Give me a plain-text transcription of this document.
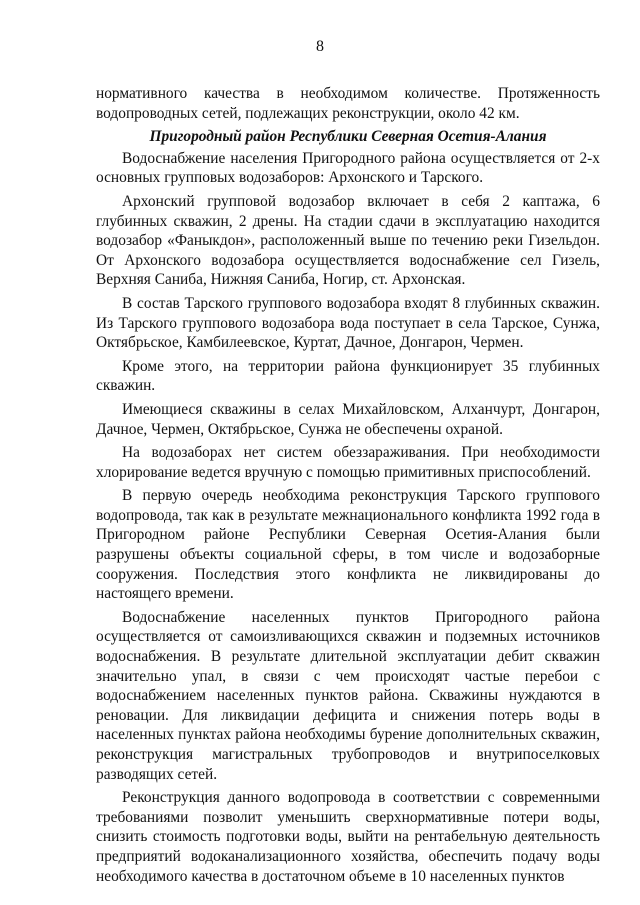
8

нормативного качества в необходимом количестве. Протяженность водопроводных сетей, подлежащих реконструкции, около 42 км.

Пригородный район Республики Северная Осетия-Алания

Водоснабжение населения Пригородного района осуществляется от 2-х основных групповых водозаборов: Архонского и Тарского.

Архонский групповой водозабор включает в себя 2 каптажа, 6 глубинных скважин, 2 дрены. На стадии сдачи в эксплуатацию находится водозабор «Фаныкдон», расположенный выше по течению реки Гизельдон. От Архонского водозабора осуществляется водоснабжение сел Гизель, Верхняя Саниба, Нижняя Саниба, Ногир, ст. Архонская.

В состав Тарского группового водозабора входят 8 глубинных скважин. Из Тарского группового водозабора вода поступает в села Тарское, Сунжа, Октябрьское, Камбилеевское, Куртат, Дачное, Донгарон, Чермен.

Кроме этого, на территории района функционирует 35 глубинных скважин.

Имеющиеся скважины в селах Михайловском, Алханчурт, Донгарон, Дачное, Чермен, Октябрьское, Сунжа не обеспечены охраной.

На водозаборах нет систем обеззараживания. При необходимости хлорирование ведется вручную с помощью примитивных приспособлений.

В первую очередь необходима реконструкция Тарского группового водопровода, так как в результате межнационального конфликта 1992 года в Пригородном районе Республики Северная Осетия-Алания были разрушены объекты социальной сферы, в том числе и водозаборные сооружения. Последствия этого конфликта не ликвидированы до настоящего времени.

Водоснабжение населенных пунктов Пригородного района осуществляется от самоизливающихся скважин и подземных источников водоснабжения. В результате длительной эксплуатации дебит скважин значительно упал, в связи с чем происходят частые перебои с водоснабжением населенных пунктов района. Скважины нуждаются в реновации. Для ликвидации дефицита и снижения потерь воды в населенных пунктах района необходимы бурение дополнительных скважин, реконструкция магистральных трубопроводов и внутрипоселковых разводящих сетей.

Реконструкция данного водопровода в соответствии с современными требованиями позволит уменьшить сверхнормативные потери воды, снизить стоимость подготовки воды, выйти на рентабельную деятельность предприятий водоканализационного хозяйства, обеспечить подачу воды необходимого качества в достаточном объеме в 10 населенных пунктов
